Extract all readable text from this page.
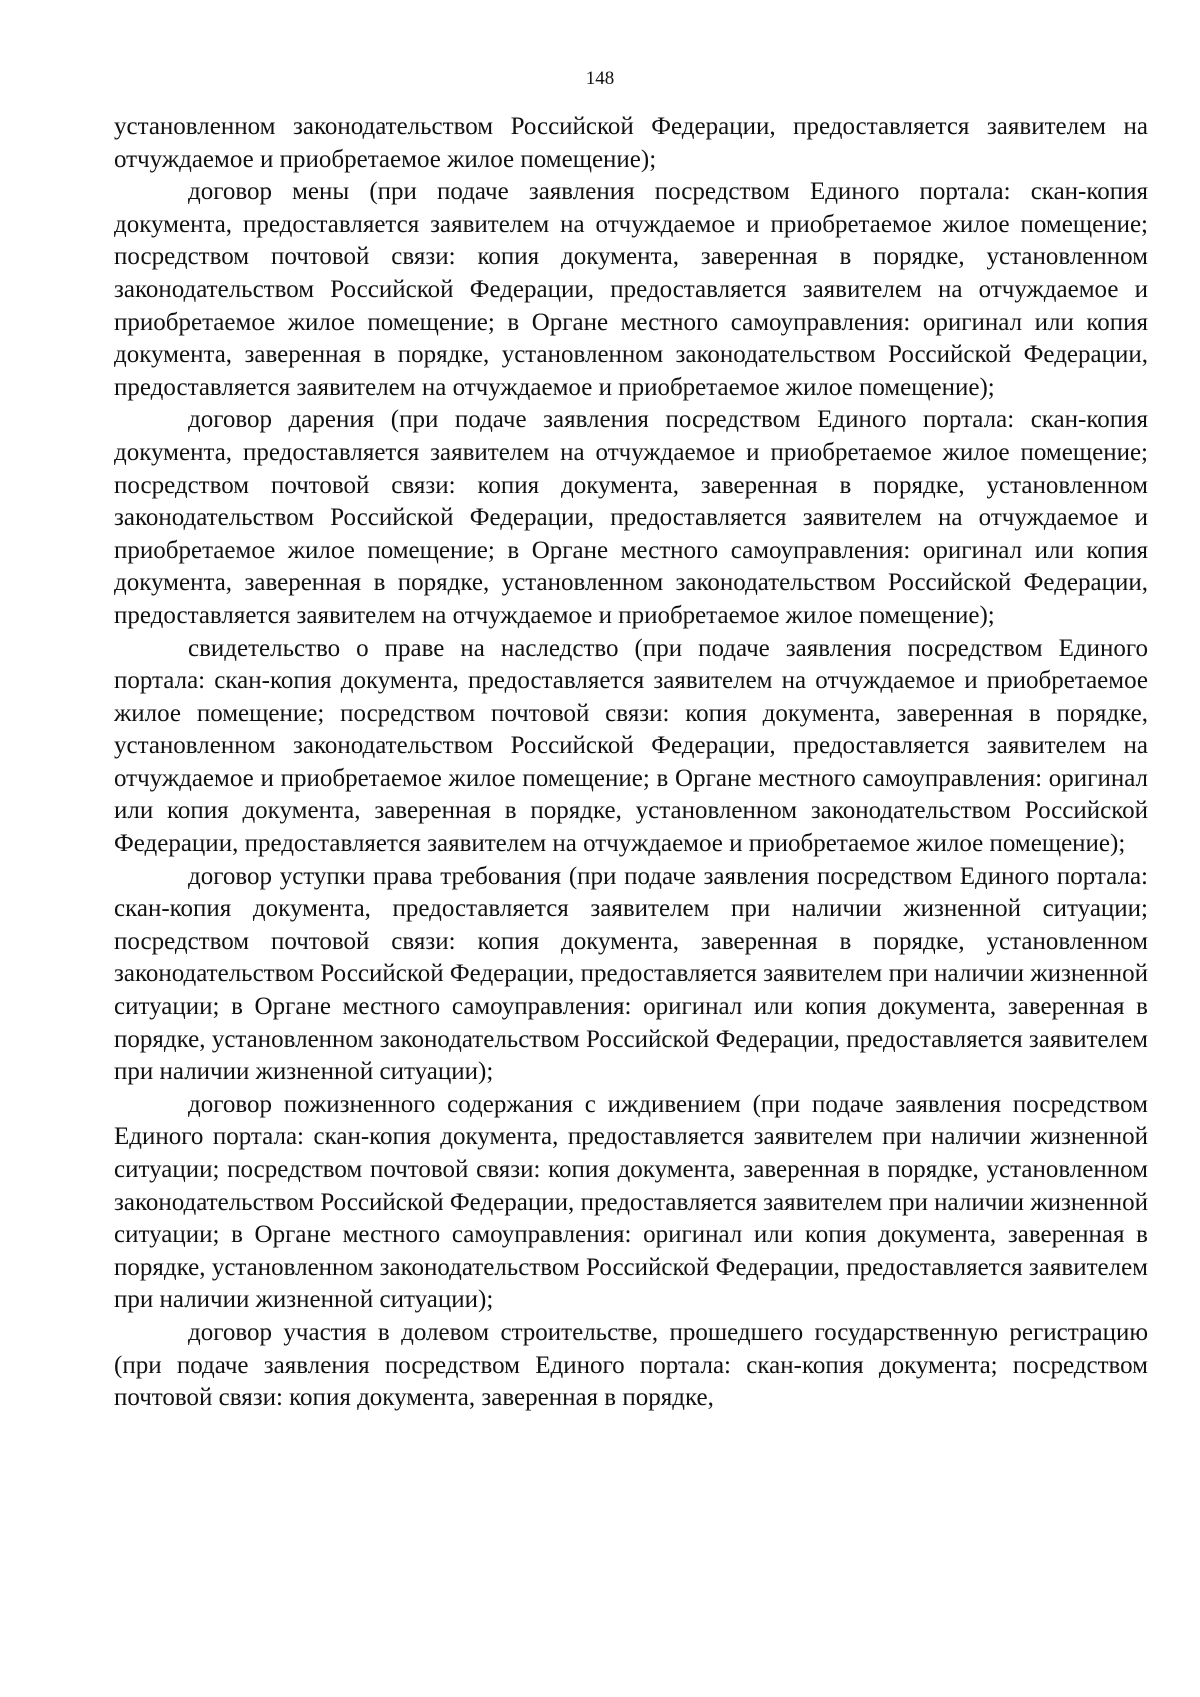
148

установленном законодательством Российской Федерации, предоставляется заявителем на отчуждаемое и приобретаемое жилое помещение);

договор мены (при подаче заявления посредством Единого портала: скан-копия документа, предоставляется заявителем на отчуждаемое и приобретаемое жилое помещение; посредством почтовой связи: копия документа, заверенная в порядке, установленном законодательством Российской Федерации, предоставляется заявителем на отчуждаемое и приобретаемое жилое помещение; в Органе местного самоуправления: оригинал или копия документа, заверенная в порядке, установленном законодательством Российской Федерации, предоставляется заявителем на отчуждаемое и приобретаемое жилое помещение);

договор дарения (при подаче заявления посредством Единого портала: скан-копия документа, предоставляется заявителем на отчуждаемое и приобретаемое жилое помещение; посредством почтовой связи: копия документа, заверенная в порядке, установленном законодательством Российской Федерации, предоставляется заявителем на отчуждаемое и приобретаемое жилое помещение; в Органе местного самоуправления: оригинал или копия документа, заверенная в порядке, установленном законодательством Российской Федерации, предоставляется заявителем на отчуждаемое и приобретаемое жилое помещение);

свидетельство о праве на наследство (при подаче заявления посредством Единого портала: скан-копия документа, предоставляется заявителем на отчуждаемое и приобретаемое жилое помещение; посредством почтовой связи: копия документа, заверенная в порядке, установленном законодательством Российской Федерации, предоставляется заявителем на отчуждаемое и приобретаемое жилое помещение; в Органе местного самоуправления: оригинал или копия документа, заверенная в порядке, установленном законодательством Российской Федерации, предоставляется заявителем на отчуждаемое и приобретаемое жилое помещение);

договор уступки права требования (при подаче заявления посредством Единого портала: скан-копия документа, предоставляется заявителем при наличии жизненной ситуации; посредством почтовой связи: копия документа, заверенная в порядке, установленном законодательством Российской Федерации, предоставляется заявителем при наличии жизненной ситуации; в Органе местного самоуправления: оригинал или копия документа, заверенная в порядке, установленном законодательством Российской Федерации, предоставляется заявителем при наличии жизненной ситуации);

договор пожизненного содержания с иждивением (при подаче заявления посредством Единого портала: скан-копия документа, предоставляется заявителем при наличии жизненной ситуации; посредством почтовой связи: копия документа, заверенная в порядке, установленном законодательством Российской Федерации, предоставляется заявителем при наличии жизненной ситуации; в Органе местного самоуправления: оригинал или копия документа, заверенная в порядке, установленном законодательством Российской Федерации, предоставляется заявителем при наличии жизненной ситуации);

договор участия в долевом строительстве, прошедшего государственную регистрацию (при подаче заявления посредством Единого портала: скан-копия документа; посредством почтовой связи: копия документа, заверенная в порядке,
